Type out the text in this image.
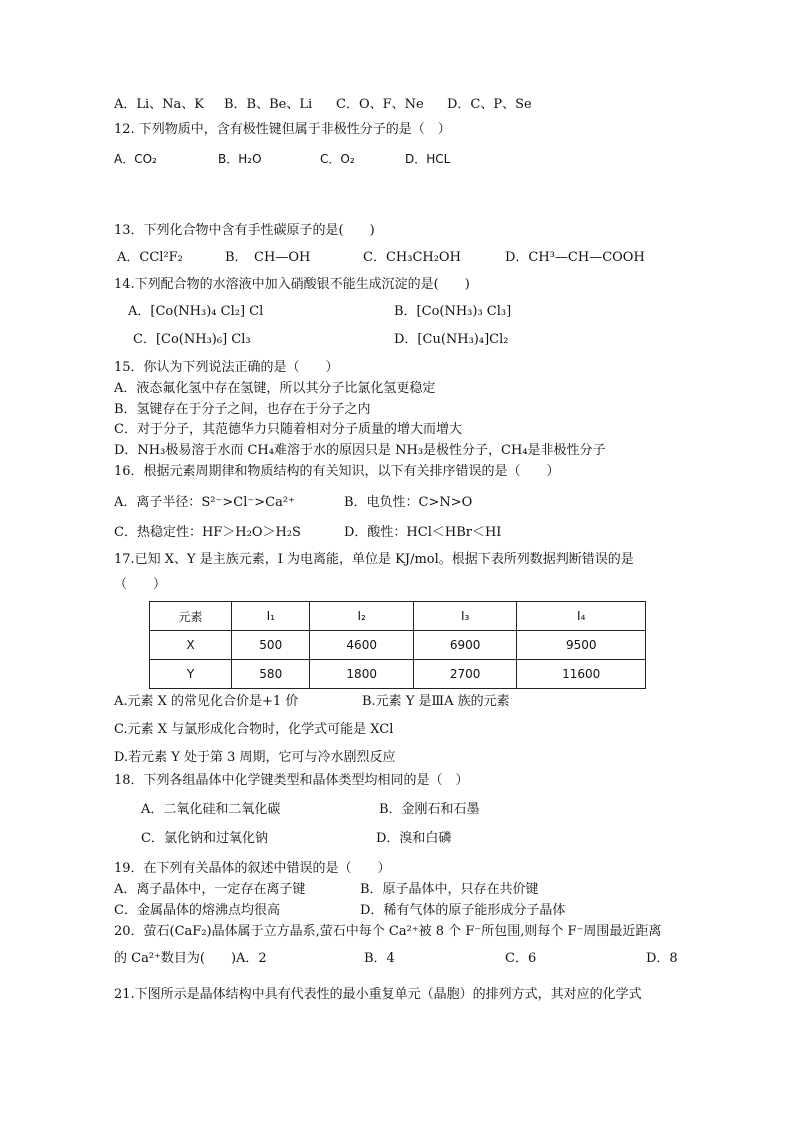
A．Li、Na、K B．B、Be、Li C．O、F、Ne D．C、P、Se
12. 下列物质中，含有极性键但属于非极性分子的是（　）
A．CO₂	B．H₂O	C．O₂	D．HCL
13．下列化合物中含有手性碳原子的是(　　)
A．CCl²F₂	B．　CH—OH	C．CH₃CH₂OH	D．CH³—CH—COOH
14.下列配合物的水溶液中加入硝酸银不能生成沉淀的是(　　)
A．[Co(NH₃)₄ Cl₂] Cl	B．[Co(NH₃)₃ Cl₃]
C．[Co(NH₃)₆] Cl₃	D．[Cu(NH₃)₄]Cl₂
15．你认为下列说法正确的是（　　）
A．液态氟化氢中存在氢键，所以其分子比氯化氢更稳定
B．氢键存在于分子之间，也存在于分子之内
C．对于分子，其范德华力只随着相对分子质量的增大而增大
D．NH₃极易溶于水而 CH₄难溶于水的原因只是 NH₃是极性分子，CH₄是非极性分子
16．根据元素周期律和物质结构的有关知识，以下有关排序错误的是（　　）
A．离子半径：S²⁻>Cl⁻>Ca²⁺	B．电负性：C>N>O
C．热稳定性：HF＞H₂O＞H₂S	D．酸性：HCl＜HBr＜HI
17.已知 X、Y 是主族元素，I 为电离能，单位是 KJ/mol。根据下表所列数据判断错误的是
（　　）
元素	I₁	I₂	I₃	I₄
X	500	4600	6900	9500
Y	580	1800	2700	11600
A.元素 X 的常见化合价是+1 价	B.元素 Y 是ⅢA 族的元素
C.元素 X 与氯形成化合物时，化学式可能是 XCl
D.若元素 Y 处于第 3 周期，它可与冷水剧烈反应
18．下列各组晶体中化学键类型和晶体类型均相同的是（　）
A．二氧化硅和二氧化碳	B．金刚石和石墨
C．氯化钠和过氧化钠	D．溴和白磷
19．在下列有关晶体的叙述中错误的是（　　）
A．离子晶体中，一定存在离子键	B．原子晶体中，只存在共价键
C．金属晶体的熔沸点均很高	D．稀有气体的原子能形成分子晶体
20．萤石(CaF₂)晶体属于立方晶系,萤石中每个 Ca²⁺被 8 个 F⁻所包围,则每个 F⁻周围最近距离
的 Ca²⁺数目为(　　)A．2	B．4	C．6	D．8
21.下图所示是晶体结构中具有代表性的最小重复单元（晶胞）的排列方式，其对应的化学式
